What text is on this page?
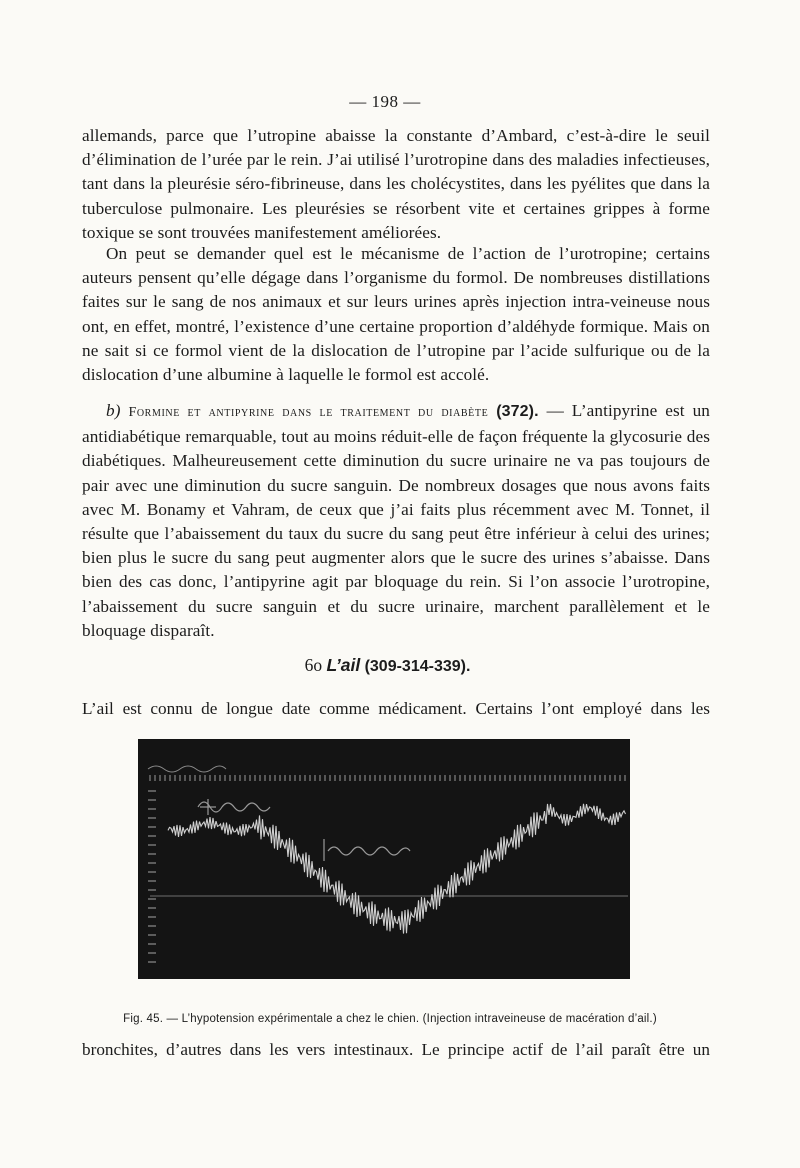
— 198 —

allemands, parce que l’utropine abaisse la constante d’Ambard, c’est-à-dire le seuil d’élimination de l’urée par le rein. J’ai utilisé l’urotropine dans des maladies infectieuses, tant dans la pleurésie séro-fibrineuse, dans les cholécystites, dans les pyélites que dans la tuberculose pulmonaire. Les pleurésies se résorbent vite et certaines grippes à forme toxique se sont trouvées manifestement améliorées.

On peut se demander quel est le mécanisme de l’action de l’urotropine; certains auteurs pensent qu’elle dégage dans l’organisme du formol. De nombreuses distillations faites sur le sang de nos animaux et sur leurs urines après injection intra-veineuse nous ont, en effet, montré, l’existence d’une certaine proportion d’aldéhyde formique. Mais on ne sait si ce formol vient de la dislocation de l’utropine par l’acide sulfurique ou de la dislocation d’une albumine à laquelle le formol est accolé.

b) Formine et antipyrine dans le traitement du diabète (372). — L’antipyrine est un antidiabétique remarquable, tout au moins réduit-elle de façon fréquente la glycosurie des diabétiques. Malheureusement cette diminution du sucre urinaire ne va pas toujours de pair avec une diminution du sucre sanguin. De nombreux dosages que nous avons faits avec M. Bonamy et Vahram, de ceux que j’ai faits plus récemment avec M. Tonnet, il résulte que l’abaissement du taux du sucre du sang peut être inférieur à celui des urines; bien plus le sucre du sang peut augmenter alors que le sucre des urines s’abaisse. Dans bien des cas donc, l’antipyrine agit par bloquage du rein. Si l’on associe l’urotropine, l’abaissement du sucre sanguin et du sucre urinaire, marchent parallèlement et le bloquage disparaît.

6o L’ail (309-314-339).
L’ail est connu de longue date comme médicament. Certains l’ont employé dans les
Fig. 45. — L’hypotension expérimentale a chez le chien. (Injection intraveineuse de macération d’ail.)
bronchites, d’autres dans les vers intestinaux. Le principe actif de l’ail paraît être un
